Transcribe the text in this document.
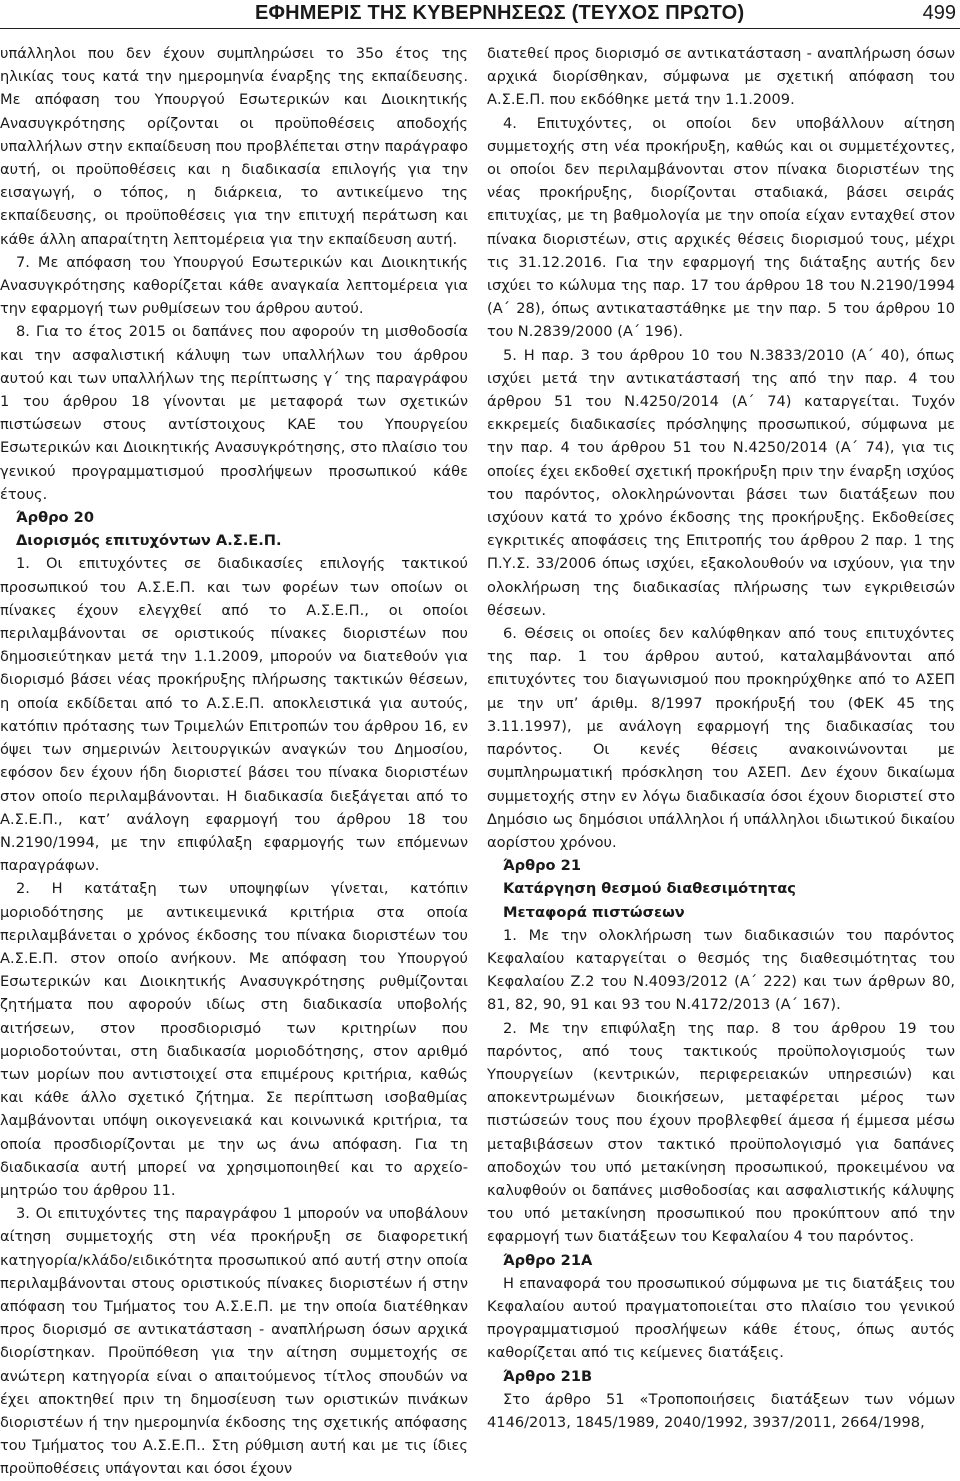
ΕΦΗΜΕΡΙΣ ΤΗΣ ΚΥΒΕΡΝΗΣΕΩΣ (ΤΕΥΧΟΣ ΠΡΩΤΟ)	499

υπάλληλοι που δεν έχουν συμπληρώσει το 35ο έτος της ηλικίας τους κατά την ημερομηνία έναρξης της εκπαίδευσης. Με απόφαση του Υπουργού Εσωτερικών και Διοικητικής Ανασυγκρότησης ορίζονται οι προϋποθέσεις αποδοχής υπαλλήλων στην εκπαίδευση που προβλέπεται στην παράγραφο αυτή, οι προϋποθέσεις και η διαδικασία επιλογής για την εισαγωγή, ο τόπος, η διάρκεια, το αντικείμενο της εκπαίδευσης, οι προϋποθέσεις για την επιτυχή περάτωση και κάθε άλλη απαραίτητη λεπτομέρεια για την εκπαίδευση αυτή.

7. Με απόφαση του Υπουργού Εσωτερικών και Διοικητικής Ανασυγκρότησης καθορίζεται κάθε αναγκαία λεπτομέρεια για την εφαρμογή των ρυθμίσεων του άρθρου αυτού.

8. Για το έτος 2015 οι δαπάνες που αφορούν τη μισθοδοσία και την ασφαλιστική κάλυψη των υπαλλήλων του άρθρου αυτού και των υπαλλήλων της περίπτωσης γ΄ της παραγράφου 1 του άρθρου 18 γίνονται με μεταφορά των σχετικών πιστώσεων στους αντίστοιχους ΚΑΕ του Υπουργείου Εσωτερικών και Διοικητικής Ανασυγκρότησης, στο πλαίσιο του γενικού προγραμματισμού προσλήψεων προσωπικού κάθε έτους.

Άρθρο 20

Διορισμός επιτυχόντων Α.Σ.Ε.Π.

1. Οι επιτυχόντες σε διαδικασίες επιλογής τακτικού προσωπικού του Α.Σ.Ε.Π. και των φορέων των οποίων οι πίνακες έχουν ελεγχθεί από το Α.Σ.Ε.Π., οι οποίοι περιλαμβάνονται σε οριστικούς πίνακες διοριστέων που δημοσιεύτηκαν μετά την 1.1.2009, μπορούν να διατεθούν για διορισμό βάσει νέας προκήρυξης πλήρωσης τακτικών θέσεων, η οποία εκδίδεται από το Α.Σ.Ε.Π. αποκλειστικά για αυτούς, κατόπιν πρότασης των Τριμελών Επιτροπών του άρθρου 16, εν όψει των σημερινών λειτουργικών αναγκών του Δημοσίου, εφόσον δεν έχουν ήδη διοριστεί βάσει του πίνακα διοριστέων στον οποίο περιλαμβάνονται. Η διαδικασία διεξάγεται από το Α.Σ.Ε.Π., κατ’ ανάλογη εφαρμογή του άρθρου 18 του Ν.2190/1994, με την επιφύλαξη εφαρμογής των επόμενων παραγράφων.

2. Η κατάταξη των υποψηφίων γίνεται, κατόπιν μοριοδότησης με αντικειμενικά κριτήρια στα οποία περιλαμβάνεται ο χρόνος έκδοσης του πίνακα διοριστέων του Α.Σ.Ε.Π. στον οποίο ανήκουν. Με απόφαση του Υπουργού Εσωτερικών και Διοικητικής Ανασυγκρότησης ρυθμίζονται ζητήματα που αφορούν ιδίως στη διαδικασία υποβολής αιτήσεων, στον προσδιορισμό των κριτηρίων που μοριοδοτούνται, στη διαδικασία μοριοδότησης, στον αριθμό των μορίων που αντιστοιχεί στα επιμέρους κριτήρια, καθώς και κάθε άλλο σχετικό ζήτημα. Σε περίπτωση ισοβαθμίας λαμβάνονται υπόψη οικογενειακά και κοινωνικά κριτήρια, τα οποία προσδιορίζονται με την ως άνω απόφαση. Για τη διαδικασία αυτή μπορεί να χρησιμοποιηθεί και το αρχείο-μητρώο του άρθρου 11.

3. Οι επιτυχόντες της παραγράφου 1 μπορούν να υποβάλουν αίτηση συμμετοχής στη νέα προκήρυξη σε διαφορετική κατηγορία/κλάδο/ειδικότητα προσωπικού από αυτή στην οποία περιλαμβάνονται στους οριστικούς πίνακες διοριστέων ή στην απόφαση του Τμήματος του Α.Σ.Ε.Π. με την οποία διατέθηκαν προς διορισμό σε αντικατάσταση - αναπλήρωση όσων αρχικά διορίστηκαν. Προϋπόθεση για την αίτηση συμμετοχής σε ανώτερη κατηγορία είναι ο απαιτούμενος τίτλος σπουδών να έχει αποκτηθεί πριν τη δημοσίευση των οριστικών πινάκων διοριστέων ή την ημερομηνία έκδοσης της σχετικής απόφασης του Τμήματος του Α.Σ.Ε.Π.. Στη ρύθμιση αυτή και με τις ίδιες προϋποθέσεις υπάγονται και όσοι έχουν

διατεθεί προς διορισμό σε αντικατάσταση - αναπλήρωση όσων αρχικά διορίσθηκαν, σύμφωνα με σχετική απόφαση του Α.Σ.Ε.Π. που εκδόθηκε μετά την 1.1.2009.

4. Επιτυχόντες, οι οποίοι δεν υποβάλλουν αίτηση συμμετοχής στη νέα προκήρυξη, καθώς και οι συμμετέχοντες, οι οποίοι δεν περιλαμβάνονται στον πίνακα διοριστέων της νέας προκήρυξης, διορίζονται σταδιακά, βάσει σειράς επιτυχίας, με τη βαθμολογία με την οποία είχαν ενταχθεί στον πίνακα διοριστέων, στις αρχικές θέσεις διορισμού τους, μέχρι τις 31.12.2016. Για την εφαρμογή της διάταξης αυτής δεν ισχύει το κώλυμα της παρ. 17 του άρθρου 18 του Ν.2190/1994 (Α΄ 28), όπως αντικαταστάθηκε με την παρ. 5 του άρθρου 10 του Ν.2839/2000 (Α΄ 196).

5. Η παρ. 3 του άρθρου 10 του Ν.3833/2010 (Α΄ 40), όπως ισχύει μετά την αντικατάστασή της από την παρ. 4 του άρθρου 51 του Ν.4250/2014 (Α΄ 74) καταργείται. Τυχόν εκκρεμείς διαδικασίες πρόσληψης προσωπικού, σύμφωνα με την παρ. 4 του άρθρου 51 του Ν.4250/2014 (Α΄ 74), για τις οποίες έχει εκδοθεί σχετική προκήρυξη πριν την έναρξη ισχύος του παρόντος, ολοκληρώνονται βάσει των διατάξεων που ισχύουν κατά το χρόνο έκδοσης της προκήρυξης. Εκδοθείσες εγκριτικές αποφάσεις της Επιτροπής του άρθρου 2 παρ. 1 της Π.Υ.Σ. 33/2006 όπως ισχύει, εξακολουθούν να ισχύουν, για την ολοκλήρωση της διαδικασίας πλήρωσης των εγκριθεισών θέσεων.

6. Θέσεις οι οποίες δεν καλύφθηκαν από τους επιτυχόντες της παρ. 1 του άρθρου αυτού, καταλαμβάνονται από επιτυχόντες του διαγωνισμού που προκηρύχθηκε από το ΑΣΕΠ με την υπ’ άριθμ. 8/1997 προκήρυξή του (ΦΕΚ 45 της 3.11.1997), με ανάλογη εφαρμογή της διαδικασίας του παρόντος. Οι κενές θέσεις ανακοινώνονται με συμπληρωματική πρόσκληση του ΑΣΕΠ. Δεν έχουν δικαίωμα συμμετοχής στην εν λόγω διαδικασία όσοι έχουν διοριστεί στο Δημόσιο ως δημόσιοι υπάλληλοι ή υπάλληλοι ιδιωτικού δικαίου αορίστου χρόνου.

Άρθρο 21

Κατάργηση θεσμού διαθεσιμότητας

Μεταφορά πιστώσεων

1. Με την ολοκλήρωση των διαδικασιών του παρόντος Κεφαλαίου καταργείται ο θεσμός της διαθεσιμότητας του Κεφαλαίου Ζ.2 του Ν.4093/2012 (Α΄ 222) και των άρθρων 80, 81, 82, 90, 91 και 93 του Ν.4172/2013 (Α΄ 167).

2. Με την επιφύλαξη της παρ. 8 του άρθρου 19 του παρόντος, από τους τακτικούς προϋπολογισμούς των Υπουργείων (κεντρικών, περιφερειακών υπηρεσιών) και αποκεντρωμένων διοικήσεων, μεταφέρεται μέρος των πιστώσεών τους που έχουν προβλεφθεί άμεσα ή έμμεσα μέσω μεταβιβάσεων στον τακτικό προϋπολογισμό για δαπάνες αποδοχών του υπό μετακίνηση προσωπικού, προκειμένου να καλυφθούν οι δαπάνες μισθοδοσίας και ασφαλιστικής κάλυψης του υπό μετακίνηση προσωπικού που προκύπτουν από την εφαρμογή των διατάξεων του Κεφαλαίου 4 του παρόντος.

Άρθρο 21Α

Η επαναφορά του προσωπικού σύμφωνα με τις διατάξεις του Κεφαλαίου αυτού πραγματοποιείται στο πλαίσιο του γενικού προγραμματισμού προσλήψεων κάθε έτους, όπως αυτός καθορίζεται από τις κείμενες διατάξεις.

Άρθρο 21Β

Στο άρθρο 51 «Τροποποιήσεις διατάξεων των νόμων 4146/2013, 1845/1989, 2040/1992, 3937/2011, 2664/1998,
